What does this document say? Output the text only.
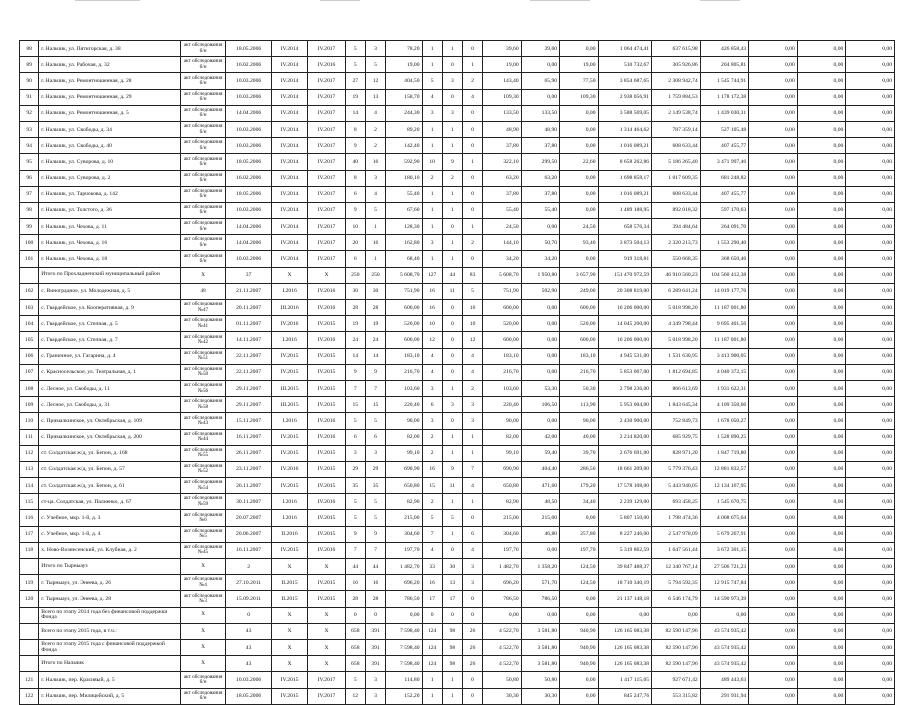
88	г. Нальчик, ул. Пятигорская, д. 38	акт обследования б/н	18.05.2006	IV.2014	IV.2017	5	3	78,20	1	1	0	39,60	39,60	0,00	1 064 474,41	637 615,98	426 858,43	0,00	0,00	0,00
89	г. Нальчик, ул. Рабочая, д. 32	акт обследования б/н	16.02.2006	IV.2014	IV.2016	5	5	19,00	1	0	1	19,00	0,00	19,00	510 732,67	305 926,86	204 805,81	0,00	0,00	0,00
90	г. Нальчик, ул. Ремонтношенная, д. 28	акт обследования б/н	10.03.2006	IV.2014	IV.2017	27	12	404,50	5	3	2	143,40	65,90	77,50	3 854 687,65	2 308 942,74	1 545 744,91	0,00	0,00	0,00
91	г. Нальчик, ул. Ремонтношенная, д. 29	акт обследования б/н	10.03.2006	IV.2014	IV.2017	19	13	158,70	4	0	4	109,30	0,00	109,30	2 938 056,91	1 759 884,53	1 178 172,38	0,00	0,00	0,00
92	г. Нальчик, ул. Ремонтношенная, д. 5	акт обследования б/н	14.04.2006	IV.2014	IV.2017	14	4	244,30	3	3	0	133,50	133,50	0,00	3 588 569,05	2 149 538,74	1 439 030,31	0,00	0,00	0,00
93	г. Нальчик, ул. Свободы, д. 34	акт обследования б/н	10.03.2006	IV.2014	IV.2017	8	2	89,20	1	1	0	48,90	48,90	0,00	1 314 464,62	787 359,14	527 105,48	0,00	0,00	0,00
94	г. Нальчик, ул. Свободы, д. 40	акт обследования б/н	10.03.2006	IV.2014	IV.2017	9	2	142,40	1	1	0	37,80	37,80	0,00	1 016 089,21	608 633,44	407 455,77	0,00	0,00	0,00
95	г. Нальчик, ул. Суворова, д. 10	акт обследования б/н	18.05.2006	IV.2014	IV.2017	40	16	592,90	10	9	1	322,10	299,50	22,60	8 658 262,86	5 186 265,40	3 471 997,46	0,00	0,00	0,00
96	г. Нальчик, ул. Суворова, д. 2	акт обследования б/н	16.02.2006	IV.2014	IV.2017	8	3	180,10	2	2	0	63,20	63,20	0,00	1 698 858,17	1 017 609,35	681 248,82	0,00	0,00	0,00
97	г. Нальчик, ул. Тарчокова, д. 142	акт обследования б/н	18.05.2006	IV.2014	IV.2017	6	4	55,40	1	1	0	37,80	37,80	0,00	1 016 089,21	608 633,44	407 455,77	0,00	0,00	0,00
98	г. Нальчик, ул. Толстого, д. 36	акт обследования б/н	10.03.2006	IV.2014	IV.2017	9	5	67,60	1	1	0	55,40	55,40	0,00	1 489 188,95	892 018,32	597 170,63	0,00	0,00	0,00
99	г. Нальчик, ул. Чехова, д. 11	акт обследования б/н	14.04.2006	IV.2014	IV.2017	10	1	128,30	1	0	1	24,50	0,00	24,50	658 576,34	394 484,64	264 091,70	0,00	0,00	0,00
100	г. Нальчик, ул. Чехова, д. 16	акт обследования б/н	14.04.2006	IV.2014	IV.2017	20	16	162,80	3	1	2	144,10	50,70	93,40	3 873 504,13	2 320 213,73	1 553 290,40	0,00	0,00	0,00
101	г. Нальчик, ул. Чехова, д. 18	акт обследования б/н	10.03.2006	IV.2014	IV.2017	6	1	68,40	1	1	0	34,20	34,20	0,00	919 318,81	550 668,35	368 650,46	0,00	0,00	0,00
	Итого по Прохладненский муниципальный район	X	37	X	X	250	250	5 608,70	127	44	83	5 608,70	1 950,80	3 657,90	151 470 972,59	46 910 560,23	104 560 412,38	0,00	0,00	0,00
102	с. Виноградное, ул. Молодежная, д. 5	48	21.11.2007	I.2016	IV.2016	30	30	751,90	16	11	5	751,90	502,90	249,00	20 308 819,00	6 289 641,24	14 019 177,76	0,00	0,00	0,00
103	с. Гвардейское, ул. Кооперативная, д. 9	акт обследования №47	20.11.2007	III.2016	IV.2016	28	28	600,00	16	0	16	600,00	0,00	600,00	16 206 000,00	5 018 998,20	11 187 001,80	0,00	0,00	0,00
104	с. Гвардейское, ул. Степная, д. 5	акт обследования №41	01.11.2007	IV.2016	IV.2015	19	19	520,00	10	0	10	520,00	0,00	520,00	14 045 200,00	4 349 798,44	9 695 401,56	0,00	0,00	0,00
105	с. Гвардейское, ул. Степная, д. 7	акт обследования №42	14.11.2007	I.2016	IV.2016	24	24	600,00	12	0	12	600,00	0,00	600,00	16 206 000,00	5 018 998,20	11 187 001,80	0,00	0,00	0,00
106	с. Граничное, ул. Гагарина, д. 4	акт обследования №51	22.11.2007	IV.2015	IV.2015	14	14	183,10	4	0	4	183,10	0,00	183,10	4 945 531,00	1 531 630,95	3 413 900,05	0,00	0,00	0,00
107	с. Красносельское, ул. Театральная, д. 1	акт обследования №50	22.11.2007	IV.2015	IV.2015	9	9	216,70	4	0	4	216,70	0,00	216,70	5 853 067,00	1 812 694,85	4 040 372,15	0,00	0,00	0,00
108	с. Лесное, ул. Свободы, д. 11	акт обследования №56	29.11.2007	III.2015	IV.2015	7	7	103,60	3	1	2	103,60	53,30	50,30	2 798 236,00	866 613,69	1 931 622,31	0,00	0,00	0,00
109	с. Лесное, ул. Свободы, д. 31	акт обследования №58	29.11.2007	III.2015	IV.2015	15	15	220,40	6	3	3	220,40	106,50	113,90	5 953 004,00	1 843 645,34	4 109 358,66	0,00	0,00	0,00
110	с. Прималкинское, ул. Октябрьская, д. 109	акт обследования №43	15.11.2007	I.2016	IV.2016	5	5	90,00	3	0	3	90,00	0,00	90,00	2 430 900,00	752 849,73	1 678 050,27	0,00	0,00	0,00
111	с. Прималкинское, ул. Октябрьская, д. 200	акт обследования №44	16.11.2007	IV.2015	IV.2016	6	6	82,00	2	1	1	82,00	42,00	40,00	2 214 820,00	685 929,75	1 528 890,25	0,00	0,00	0,00
112	ст. Солдатская ж/д, ул. Бепон, д. 168	акт обследования №55	26.11.2007	IV.2015	IV.2015	3	3	99,10	2	1	1	99,10	59,40	39,70	2 676 691,00	828 971,20	1 847 719,80	0,00	0,00	0,00
113	ст. Солдатская ж/д, ул. Бепон, д. 57	акт обследования №52	23.11.2007	IV.2016	IV.2015	29	29	690,90	16	9	7	690,90	404,40	286,50	18 661 209,00	5 779 376,43	12 881 832,57	0,00	0,00	0,00
114	ст. Солдатская ж/д, ул. Бепон, д. 61	акт обследования №54	26.11.2007	IV.2015	IV.2015	35	35	650,80	15	11	4	650,80	471,60	179,20	17 578 108,00	5 443 940,05	12 134 167,95	0,00	0,00	0,00
115	ст-ца. Солдатская, ул. Палиенко, д. 67	акт обследования №59	30.11.2007	I.2016	IV.2016	5	5	82,90	2	1	1	82,90	48,50	34,40	2 239 129,00	693 458,25	1 545 670,75	0,00	0,00	0,00
116	с. Учебное, мкр. 1-й, д. 3	акт обследования №6	20.07.2007	I.2016	IV.2015	5	5	215,00	5	5	0	215,00	215,00	0,00	5 807 150,00	1 798 474,36	4 008 675,64	0,00	0,00	0,00
117	с. Учебное, мкр. 1-й, д. 4	акт обследования №5	20.06.2007	II.2016	IV.2015	9	9	304,60	7	1	6	304,60	46,80	257,80	8 227 246,00	2 547 978,09	5 679 267,91	0,00	0,00	0,00
118	х. Ново-Вознесенский, ул. Клубная, д. 2	акт обследования №45	16.11.2007	IV.2015	IV.2016	7	7	197,70	4	0	4	197,70	0,00	197,70	5 319 862,59	1 647 561,44	3 672 301,15	0,00	0,00	0,00
	Итого по Тырныауз	X	2	X	X	44	44	1 482,70	33	30	3	1 482,70	1 358,20	124,50	39 847 488,37	12 340 767,14	27 506 721,23	0,00	0,00	0,00
119	г. Тырныауз, ул. Энеева, д. 26	акт обследования №4	27.10.2011	II.2015	IV.2015	16	16	696,20	16	13	3	696,20	571,70	124,50	18 710 340,19	5 794 592,35	12 915 747,84	0,00	0,00	0,00
120	г. Тырныауз, ул. Энеева, д. 28	акт обследования №3	15.09.2011	II.2015	IV.2015	28	28	786,50	17	17	0	786,50	786,50	0,00	21 137 148,18	6 546 174,79	14 590 973,39	0,00	0,00	0,00
	Всего по этапу 2014 года без финансовой поддержки Фонда	X	0	X	X	0	0	0,00	0	0	0	0,00	0,00	0,00	0,00	0,00	0,00	0,00	0,00	0,00
	Всего по этапу 2015 года, в т.ч.:	X	43	X	X	658	391	7 598,40	124	98	26	4 522,70	3 581,80	940,90	126 165 083,38	82 590 147,96	43 574 935,42	0,00	0,00	0,00
	Всего по этапу 2015 года с финансовой поддержкой Фонда	X	43	X	X	658	391	7 598,40	124	98	26	4 522,70	3 581,80	940,90	126 165 083,38	82 590 147,96	43 574 935,42	0,00	0,00	0,00
	Итого по Нальчик	X	43	X	X	658	391	7 598,40	124	98	26	4 522,70	3 581,80	940,90	126 165 083,38	82 590 147,96	43 574 935,42	0,00	0,00	0,00
121	г. Нальчик, пер. Красивый, д. 5	акт обследования б/н	10.03.2006	IV.2015	IV.2017	5	3	114,80	1	1	0	50,80	50,80	0,00	1 417 115,05	927 671,42	489 443,63	0,00	0,00	0,00
122	г. Нальчик, пер. Милицейский, д. 5	акт обследования б/н	18.05.2006	IV.2015	IV.2017	12	3	152,20	1	1	0	30,30	30,30	0,00	845 247,76	553 315,82	291 931,94	0,00	0,00	0,00
